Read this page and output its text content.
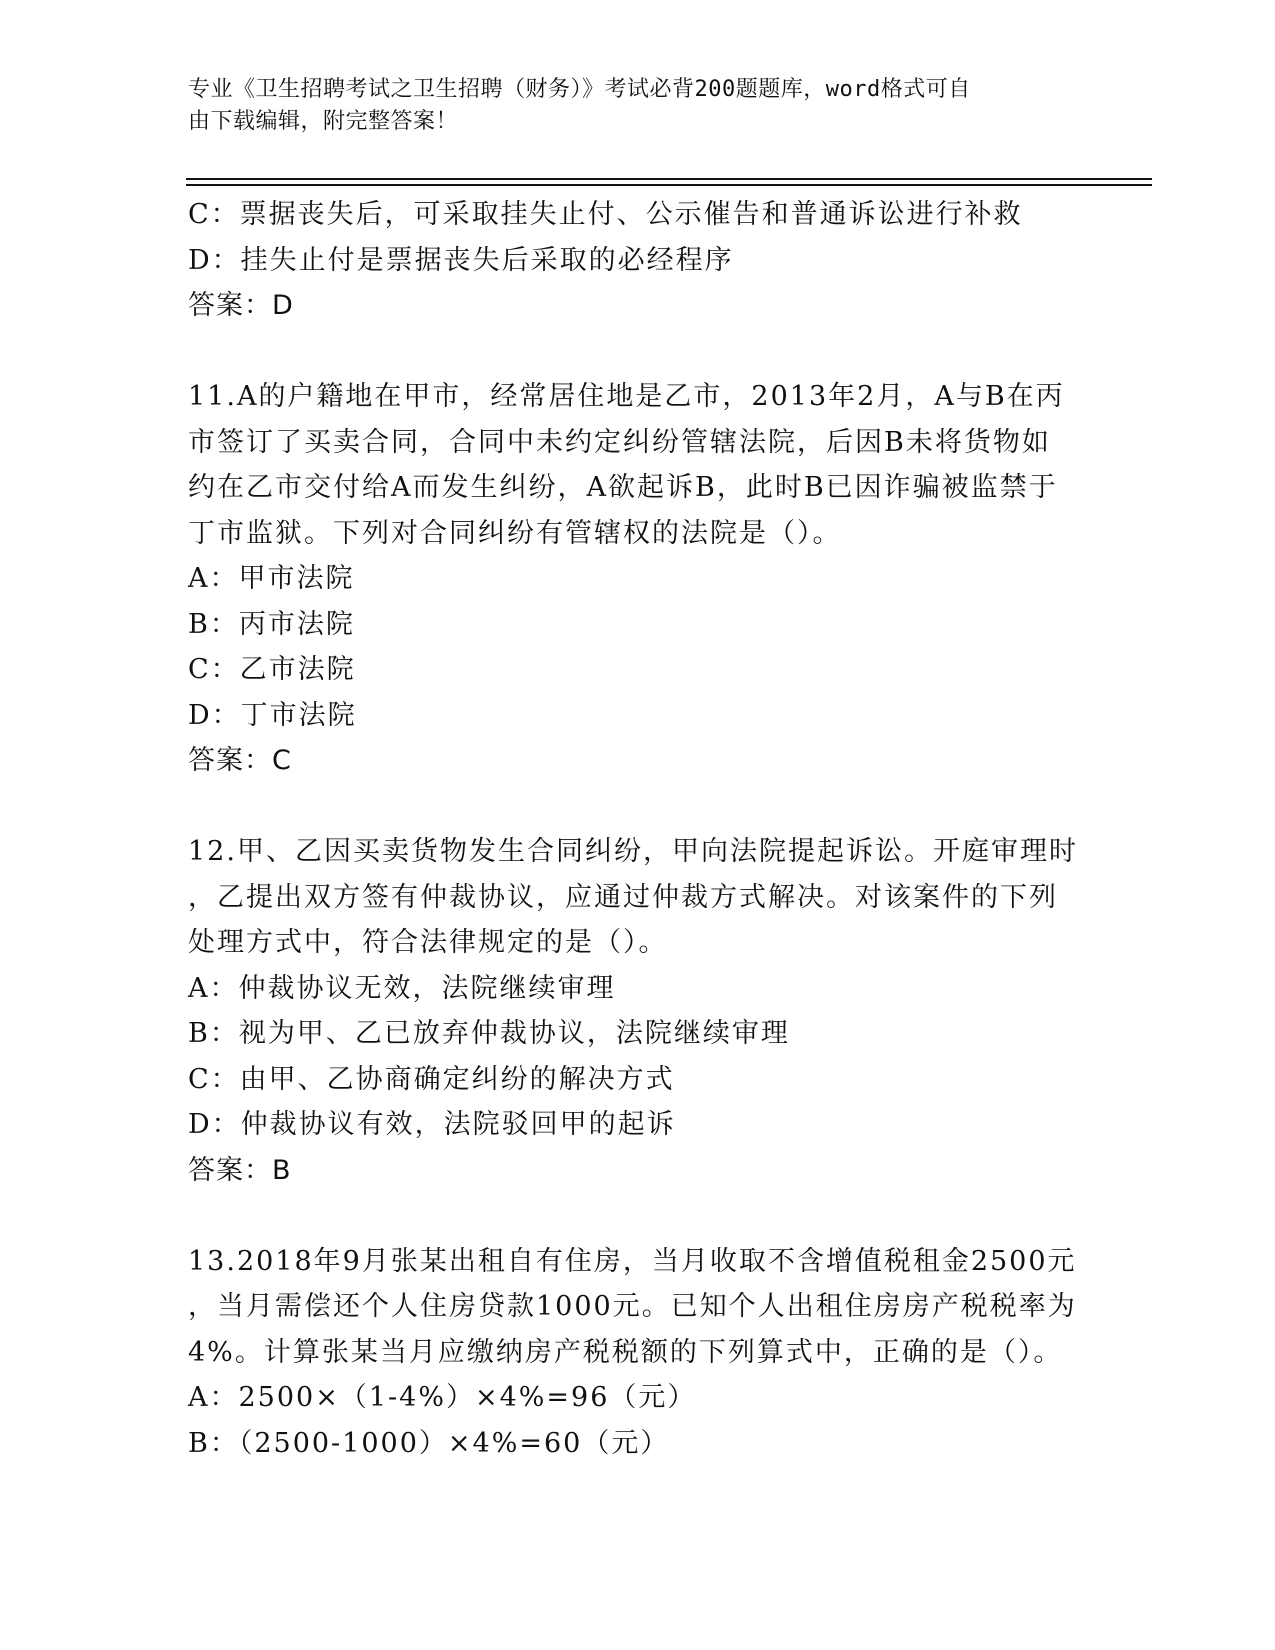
专业《卫生招聘考试之卫生招聘（财务）》考试必背200题题库，word格式可自
由下载编辑，附完整答案！
C：票据丧失后，可采取挂失止付、公示催告和普通诉讼进行补救
D：挂失止付是票据丧失后采取的必经程序
答案：D
11.A的户籍地在甲市，经常居住地是乙市，2013年2月，A与B在丙
市签订了买卖合同，合同中未约定纠纷管辖法院，后因B未将货物如
约在乙市交付给A而发生纠纷，A欲起诉B，此时B已因诈骗被监禁于
丁市监狱。下列对合同纠纷有管辖权的法院是（）。
A：甲市法院
B：丙市法院
C：乙市法院
D：丁市法院
答案：C
12.甲、乙因买卖货物发生合同纠纷，甲向法院提起诉讼。开庭审理时
，乙提出双方签有仲裁协议，应通过仲裁方式解决。对该案件的下列
处理方式中，符合法律规定的是（）。
A：仲裁协议无效，法院继续审理
B：视为甲、乙已放弃仲裁协议，法院继续审理
C：由甲、乙协商确定纠纷的解决方式
D：仲裁协议有效，法院驳回甲的起诉
答案：B
13.2018年9月张某出租自有住房，当月收取不含增值税租金2500元
，当月需偿还个人住房贷款1000元。已知个人出租住房房产税税率为
4%。计算张某当月应缴纳房产税税额的下列算式中，正确的是（）。
A：2500×（1-4%）×4%=96（元）
B：（2500-1000）×4%=60（元）
